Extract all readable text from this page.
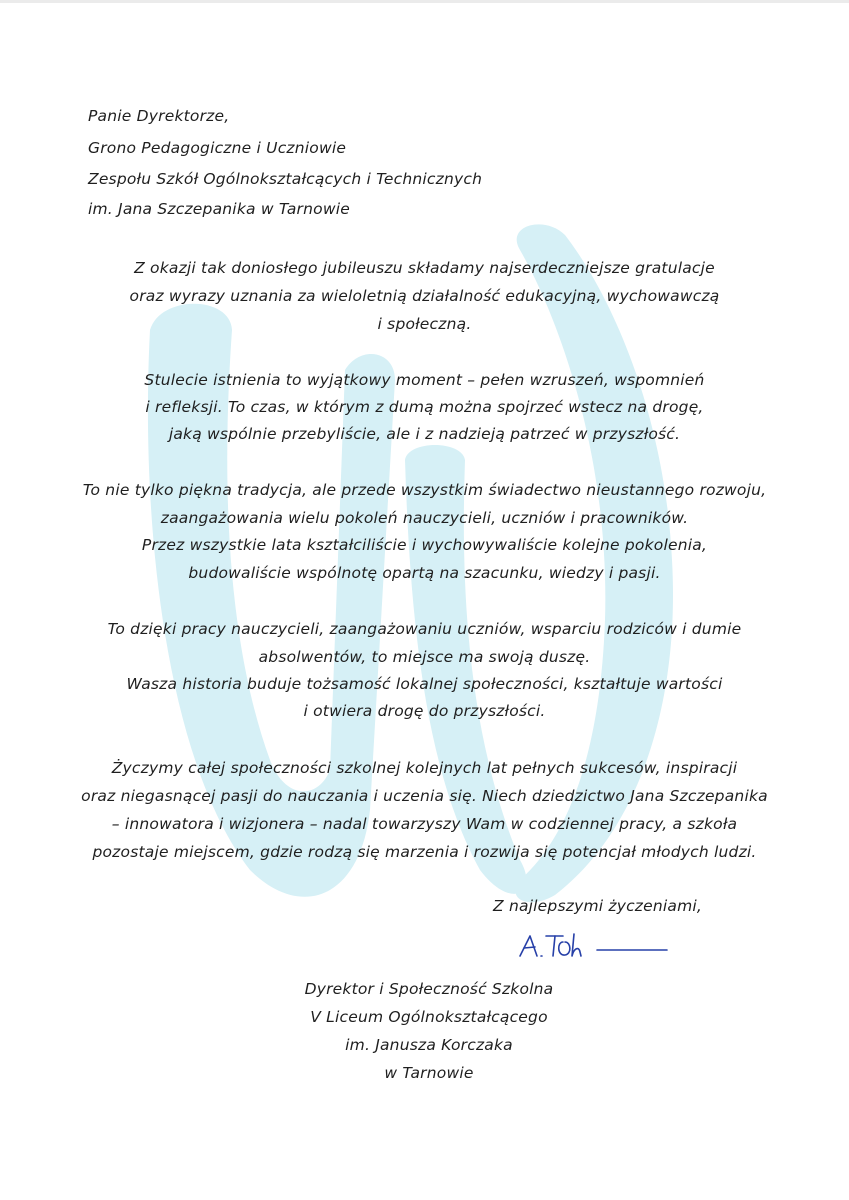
Panie Dyrektorze,

Grono Pedagogiczne i Uczniowie

Zespołu Szkół Ogólnokształcących i Technicznych

im. Jana Szczepanika w Tarnowie

Z okazji tak doniosłego jubileuszu składamy najserdeczniejsze gratulacje

oraz wyrazy uznania za wieloletnią działalność edukacyjną, wychowawczą

i społeczną.

Stulecie istnienia to wyjątkowy moment – pełen wzruszeń, wspomnień

i refleksji. To czas, w którym z dumą można spojrzeć wstecz na drogę,

jaką wspólnie przebyliście, ale i z nadzieją patrzeć w przyszłość.

To nie tylko piękna tradycja, ale przede wszystkim świadectwo nieustannego rozwoju,

zaangażowania wielu pokoleń nauczycieli, uczniów i pracowników.

Przez wszystkie lata kształciliście i wychowywaliście kolejne pokolenia,

budowaliście wspólnotę opartą na szacunku, wiedzy i pasji.

To dzięki pracy nauczycieli, zaangażowaniu uczniów, wsparciu rodziców i dumie

absolwentów, to miejsce ma swoją duszę.

Wasza historia buduje tożsamość lokalnej społeczności, kształtuje wartości

i otwiera drogę do przyszłości.

Życzymy całej społeczności szkolnej kolejnych lat pełnych sukcesów, inspiracji

oraz niegasnącej pasji do nauczania i uczenia się. Niech dziedzictwo Jana Szczepanika

– innowatora i wizjonera – nadal towarzyszy Wam w codziennej pracy, a szkoła

pozostaje miejscem, gdzie rodzą się marzenia i rozwija się potencjał młodych ludzi.

Z najlepszymi życzeniami,

Dyrektor i Społeczność Szkolna

V Liceum Ogólnokształcącego

im. Janusza Korczaka

w Tarnowie
